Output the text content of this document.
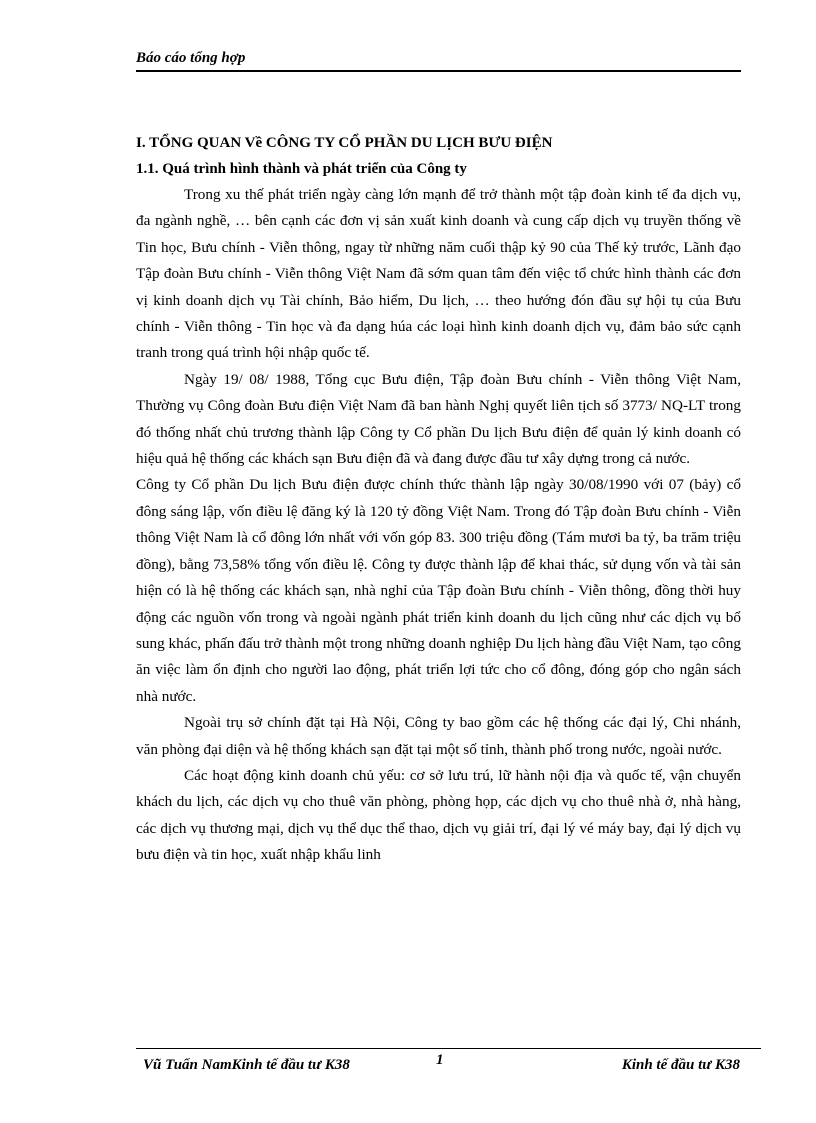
Báo cáo tổng hợp
I. TỔNG QUAN Về CÔNG TY CỔ PHẦN DU LỊCH BƯU ĐIỆN
1.1. Quá trình hình thành và phát triển của Công ty

Trong xu thế phát triển ngày càng lớn mạnh để trở thành một tập đoàn kinh tế đa dịch vụ, đa ngành nghề, … bên cạnh các đơn vị sản xuất kinh doanh và cung cấp dịch vụ truyền thống về Tin học, Bưu chính - Viễn thông, ngay từ những năm cuối thập kỷ 90 của Thế kỷ trước, Lãnh đạo Tập đoàn Bưu chính - Viễn thông Việt Nam đã sớm quan tâm đến việc tổ chức hình thành các đơn vị kinh doanh dịch vụ Tài chính, Bảo hiểm, Du lịch, … theo hướng đón đầu sự hội tụ của Bưu chính - Viễn thông - Tin học và đa dạng húa các loại hình kinh doanh dịch vụ, đảm bảo sức cạnh tranh trong quá trình hội nhập quốc tế.

Ngày 19/ 08/ 1988, Tổng cục Bưu điện, Tập đoàn Bưu chính - Viễn thông Việt Nam, Thường vụ Công đoàn Bưu điện Việt Nam đã ban hành Nghị quyết liên tịch số 3773/ NQ-LT trong đó thống nhất chủ trương thành lập Công ty Cổ phần Du lịch Bưu điện để quản lý kinh doanh có hiệu quả hệ thống các khách sạn Bưu điện đã và đang được đầu tư xây dựng trong cả nước.

Công ty Cổ phần Du lịch Bưu điện được chính thức thành lập ngày 30/08/1990 với 07 (bảy) cổ đông sáng lập, vốn điều lệ đăng ký là 120 tỷ đồng Việt Nam. Trong đó Tập đoàn Bưu chính - Viễn thông Việt Nam là cổ đông lớn nhất với vốn góp 83. 300 triệu đồng (Tám mươi ba tỷ, ba trăm triệu đồng), bằng 73,58% tổng vốn điều lệ. Công ty được thành lập để khai thác, sử dụng vốn và tài sản hiện có là hệ thống các khách sạn, nhà nghỉ của Tập đoàn Bưu chính - Viễn thông, đồng thời huy động các nguồn vốn trong và ngoài ngành phát triển kinh doanh du lịch cũng như các dịch vụ bổ sung khác, phấn đấu trở thành một trong những doanh nghiệp Du lịch hàng đầu Việt Nam, tạo công ăn việc làm ổn định cho người lao động, phát triển lợi tức cho cổ đông, đóng góp cho ngân sách nhà nước.

Ngoài trụ sở chính đặt tại Hà Nội, Công ty bao gồm các hệ thống các đại lý, Chi nhánh, văn phòng đại diện và hệ thống khách sạn đặt tại một số tỉnh, thành phố trong nước, ngoài nước.

Các hoạt động kinh doanh chủ yếu: cơ sở lưu trú, lữ hành nội địa và quốc tế, vận chuyển khách du lịch, các dịch vụ cho thuê văn phòng, phòng họp, các dịch vụ cho thuê nhà ở, nhà hàng, các dịch vụ thương mại, dịch vụ thể dục thể thao, dịch vụ giải trí, đại lý vé máy bay, đại lý dịch vụ bưu điện và tin học, xuất nhập khẩu linh

Vũ Tuấn NamKinh tế đầu tư K38	1	Kinh tế đầu tư K38
